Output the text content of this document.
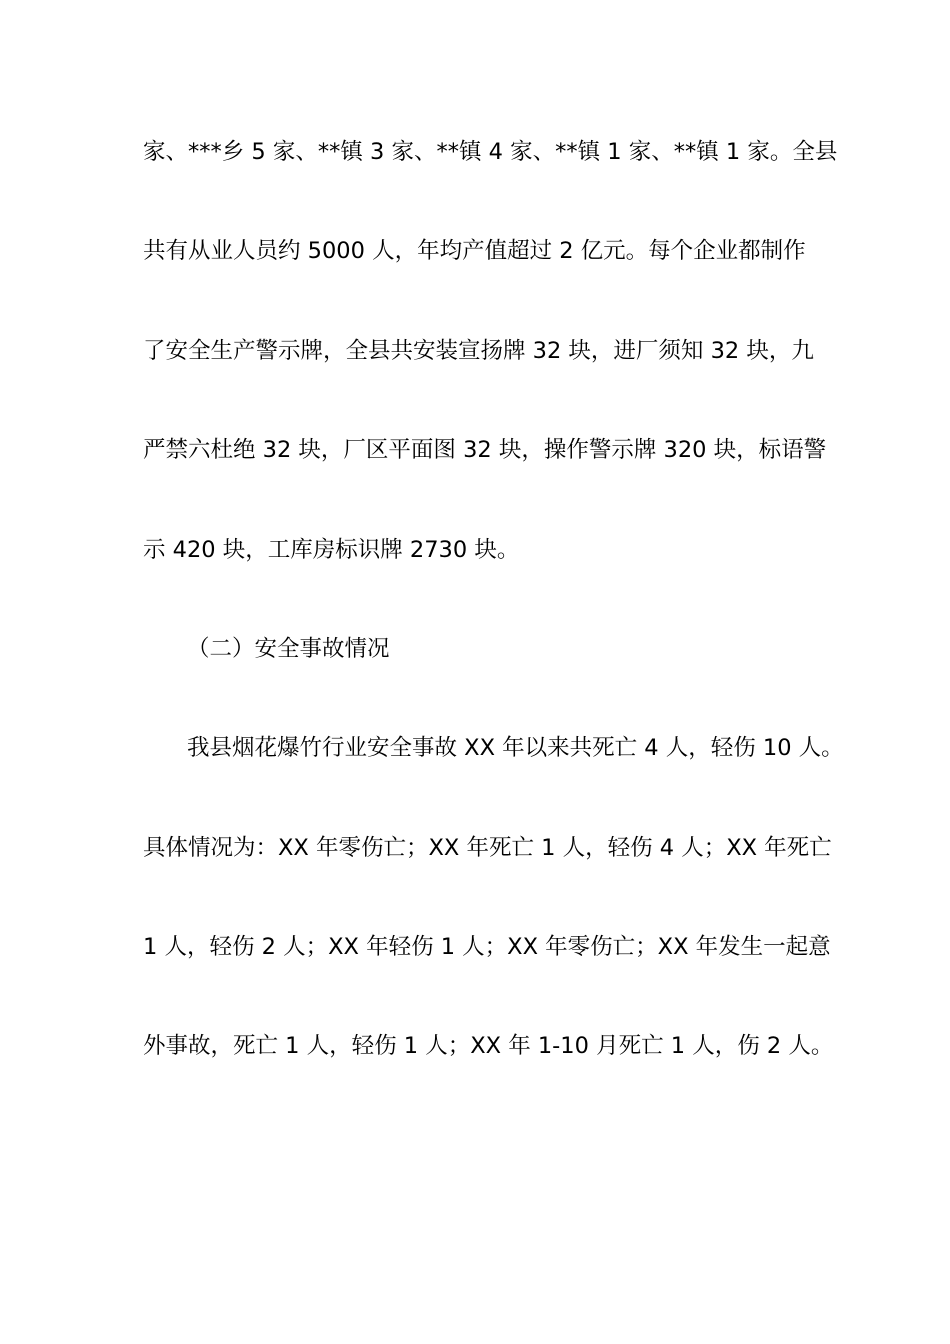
家、***乡 5 家、**镇 3 家、**镇 4 家、**镇 1 家、**镇 1 家。全县
共有从业人员约 5000 人，年均产值超过 2 亿元。每个企业都制作
了安全生产警示牌，全县共安装宣扬牌 32 块，进厂须知 32 块，九
严禁六杜绝 32 块，厂区平面图 32 块，操作警示牌 320 块，标语警
示 420 块，工库房标识牌 2730 块。
（二）安全事故情况
我县烟花爆竹行业安全事故 XX 年以来共死亡 4 人，轻伤 10 人。
具体情况为：XX 年零伤亡；XX 年死亡 1 人，轻伤 4 人；XX 年死亡
1 人，轻伤 2 人；XX 年轻伤 1 人；XX 年零伤亡；XX 年发生一起意
外事故，死亡 1 人，轻伤 1 人；XX 年 1-10 月死亡 1 人，伤 2 人。
